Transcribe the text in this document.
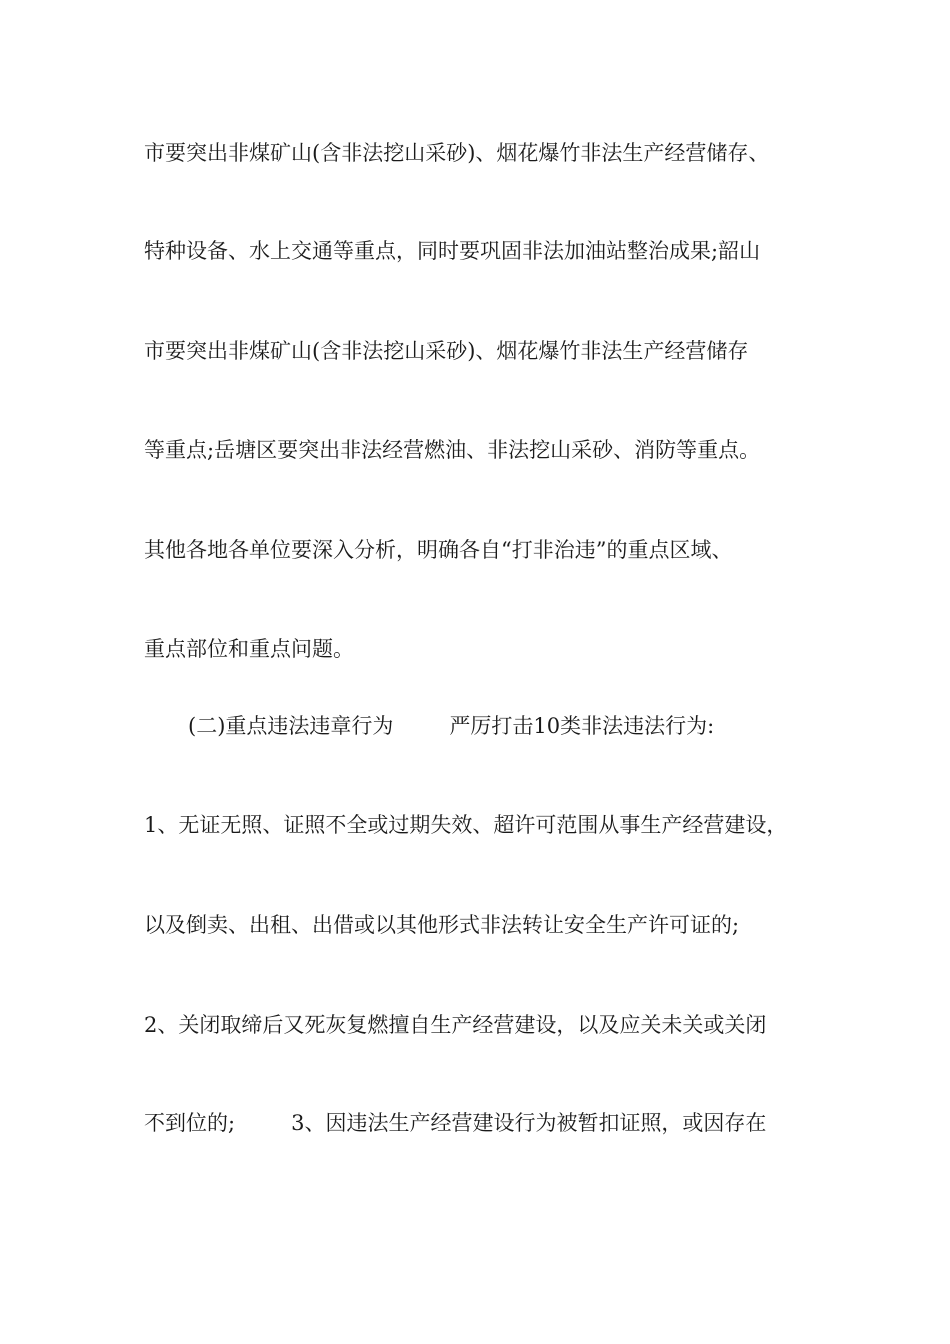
市要突出非煤矿山(含非法挖山采砂)、烟花爆竹非法生产经营储存、
特种设备、水上交通等重点，同时要巩固非法加油站整治成果;韶山
市要突出非煤矿山(含非法挖山采砂)、烟花爆竹非法生产经营储存
等重点;岳塘区要突出非法经营燃油、非法挖山采砂、消防等重点。
其他各地各单位要深入分析，明确各自“打非治违”的重点区域、
重点部位和重点问题。
(二)重点违法违章行为	严厉打击10类非法违法行为:
1、无证无照、证照不全或过期失效、超许可范围从事生产经营建设，
以及倒卖、出租、出借或以其他形式非法转让安全生产许可证的;
2、关闭取缔后又死灰复燃擅自生产经营建设，以及应关未关或关闭
不到位的;	3、因违法生产经营建设行为被暂扣证照，或因存在
